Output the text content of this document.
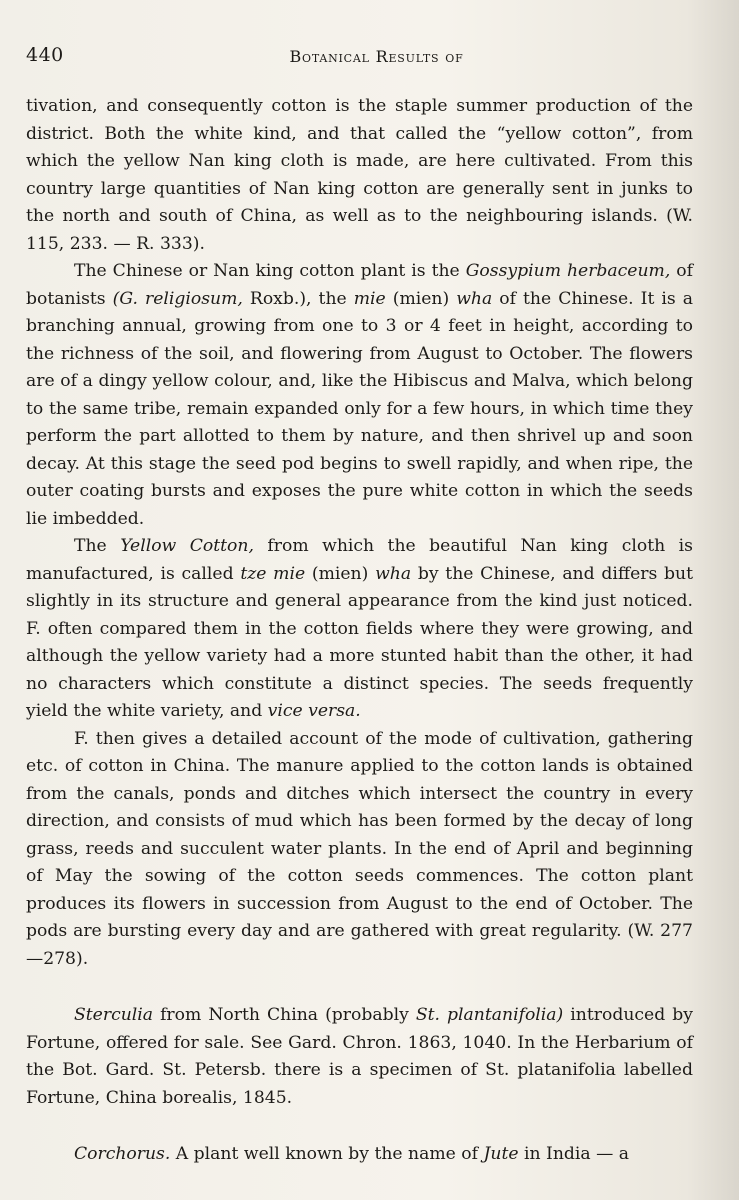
440	Botanical Results of

tivation, and consequently cotton is the staple summer production of the district. Both the white kind, and that called the “yellow cotton”, from which the yellow Nan king cloth is made, are here cultivated. From this country large quantities of Nan king cotton are generally sent in junks to the north and south of China, as well as to the neighbouring islands. (W. 115, 233. — R. 333).

The Chinese or Nan king cotton plant is the Gossypium herbaceum, of botanists (G. religiosum, Roxb.), the mie (mien) wha of the Chinese. It is a branching annual, growing from one to 3 or 4 feet in height, according to the richness of the soil, and flowering from August to October. The flowers are of a dingy yellow colour, and, like the Hibiscus and Malva, which belong to the same tribe, remain expanded only for a few hours, in which time they perform the part allotted to them by nature, and then shrivel up and soon decay. At this stage the seed pod begins to swell rapidly, and when ripe, the outer coating bursts and exposes the pure white cotton in which the seeds lie imbedded.

The Yellow Cotton, from which the beautiful Nan king cloth is manufactured, is called tze mie (mien) wha by the Chinese, and differs but slightly in its structure and general appearance from the kind just noticed. F. often compared them in the cotton fields where they were growing, and although the yellow variety had a more stunted habit than the other, it had no characters which constitute a distinct species. The seeds frequently yield the white variety, and vice versa.

F. then gives a detailed account of the mode of cultivation, gathering etc. of cotton in China. The manure applied to the cotton lands is obtained from the canals, ponds and ditches which intersect the country in every direction, and consists of mud which has been formed by the decay of long grass, reeds and succulent water plants. In the end of April and beginning of May the sowing of the cotton seeds commences. The cotton plant produces its flowers in succession from August to the end of October. The pods are bursting every day and are gathered with great regularity. (W. 277—278).

Sterculia from North China (probably St. plantanifolia) introduced by Fortune, offered for sale. See Gard. Chron. 1863, 1040. In the Herbarium of the Bot. Gard. St. Petersb. there is a specimen of St. platanifolia labelled Fortune, China borealis, 1845.

Corchorus. A plant well known by the name of Jute in India — a
